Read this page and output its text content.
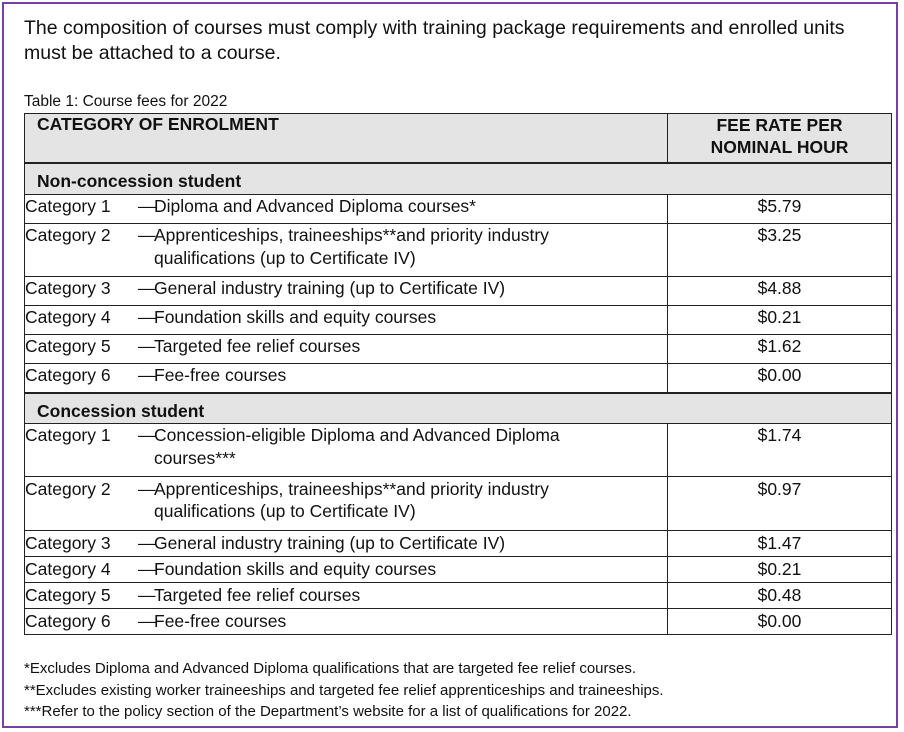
The composition of courses must comply with training package requirements and enrolled units must be attached to a course.

Table 1: Course fees for 2022
CATEGORY OF ENROLMENT	FEE RATE PER
NOMINAL HOUR

Non-concession student	
Category 1 —Diploma and Advanced Diploma courses*	$5.79
Category 2 —Apprenticeships, traineeships**and priority industry qualifications (up to Certificate IV)	$3.25
Category 3 —General industry training (up to Certificate IV)	$4.88
Category 4 —Foundation skills and equity courses	$0.21
Category 5 —Targeted fee relief courses	$1.62
Category 6 —Fee-free courses	$0.00
Concession student	
Category 1 —Concession-eligible Diploma and Advanced Diploma courses***	$1.74
Category 2 —Apprenticeships, traineeships**and priority industry qualifications (up to Certificate IV)	$0.97
Category 3 —General industry training (up to Certificate IV)	$1.47
Category 4 —Foundation skills and equity courses	$0.21
Category 5 —Targeted fee relief courses	$0.48
Category 6 —Fee-free courses	$0.00
*Excludes Diploma and Advanced Diploma qualifications that are targeted fee relief courses.
**Excludes existing worker traineeships and targeted fee relief apprenticeships and traineeships.
***Refer to the policy section of the Department’s website for a list of qualifications for 2022.
